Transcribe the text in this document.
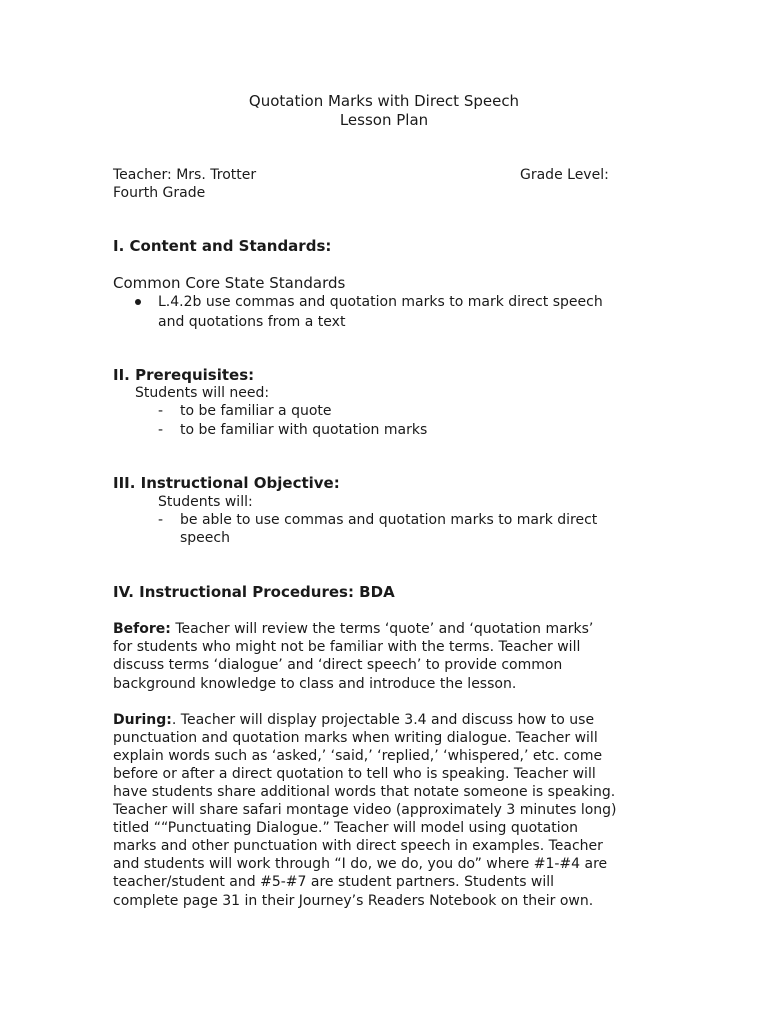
Quotation Marks with Direct Speech
Lesson Plan
Teacher: Mrs. Trotter	Grade Level:
Fourth Grade
I. Content and Standards:
Common Core State Standards
L.4.2b use commas and quotation marks to mark direct speech
and quotations from a text
II. Prerequisites:
Students will need:
- to be familiar a quote
- to be familiar with quotation marks
III. Instructional Objective:
Students will:
- be able to use commas and quotation marks to mark direct
speech
IV. Instructional Procedures: BDA
Before: Teacher will review the terms ‘quote’ and ‘quotation marks’
for students who might not be familiar with the terms. Teacher will
discuss terms ‘dialogue’ and ‘direct speech’ to provide common
background knowledge to class and introduce the lesson.
During:. Teacher will display projectable 3.4 and discuss how to use
punctuation and quotation marks when writing dialogue. Teacher will
explain words such as ‘asked,’ ‘said,’ ‘replied,’ ‘whispered,’ etc. come
before or after a direct quotation to tell who is speaking. Teacher will
have students share additional words that notate someone is speaking.
Teacher will share safari montage video (approximately 3 minutes long)
titled ““Punctuating Dialogue.” Teacher will model using quotation
marks and other punctuation with direct speech in examples. Teacher
and students will work through “I do, we do, you do” where #1-#4 are
teacher/student and #5-#7 are student partners. Students will
complete page 31 in their Journey’s Readers Notebook on their own.
